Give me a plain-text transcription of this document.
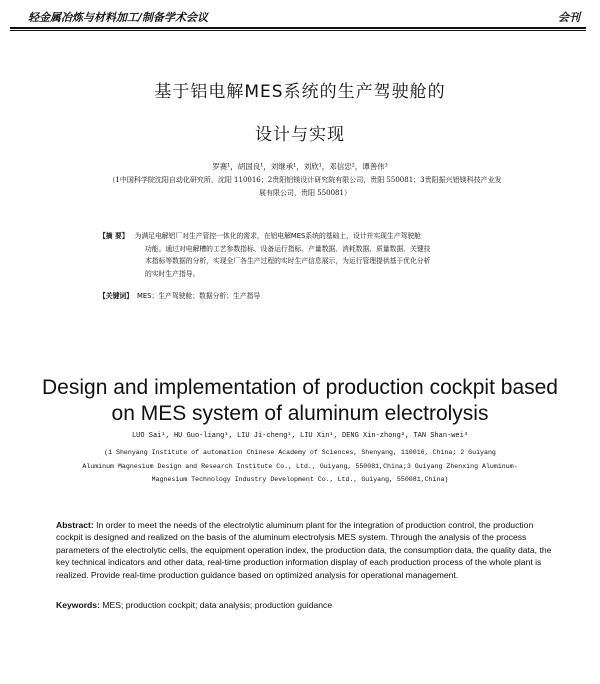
轻金属冶炼与材料加工/制备学术会议	会刊
基于铝电解MES系统的生产驾驶舱的
设计与实现
罗赛¹，胡国良¹，刘继承¹，刘欣¹，邓信忠²，谭善伟³
（1中国科学院沈阳自动化研究所，沈阳 110016；2贵阳铝镁设计研究院有限公司，贵阳 550081；3贵阳振兴铝镁科技产业发
展有限公司，贵阳 550081）
【摘 要】 为满足电解铝厂对生产管控一体化的需求，在铝电解MES系统的基础上，设计并实现生产驾驶舱
功能。通过对电解槽的工艺参数指标、设备运行指标、产量数据、消耗数据、质量数据、关键技
术指标等数据的分析，实现全厂各生产过程的实时生产信息展示，为运行管理提供基于优化分析
的实时生产指导。
【关键词】 MES；生产驾驶舱；数据分析；生产指导
Design and implementation of production cockpit based
on MES system of aluminum electrolysis
LUO Sai¹, HU Guo-liang¹, LIU Ji-cheng¹, LIU Xin¹, DENG Xin-zhong², TAN Shan-wei³
(1 Shenyang Institute of automation Chinese Academy of Sciences, Shenyang, 110016, China; 2 Guiyang
Aluminum Magnesium Design and Research Institute Co., Ltd., Guiyang, 550081,China;3 Guiyang Zhenxing Aluminum-
Magnesium Technology Industry Development Co., Ltd., Guiyang, 550081,China)
Abstract: In order to meet the needs of the electrolytic aluminum plant for the integration of production control, the production cockpit is designed and realized on the basis of the aluminum electrolysis MES system. Through the analysis of the process parameters of the electrolytic cells, the equipment operation index, the production data, the consumption data, the quality data, the key technical indicators and other data, real-time production information display of each production process of the whole plant is realized. Provide real-time production guidance based on optimized analysis for operational management.
Keywords: MES; production cockpit; data analysis; production guidance
